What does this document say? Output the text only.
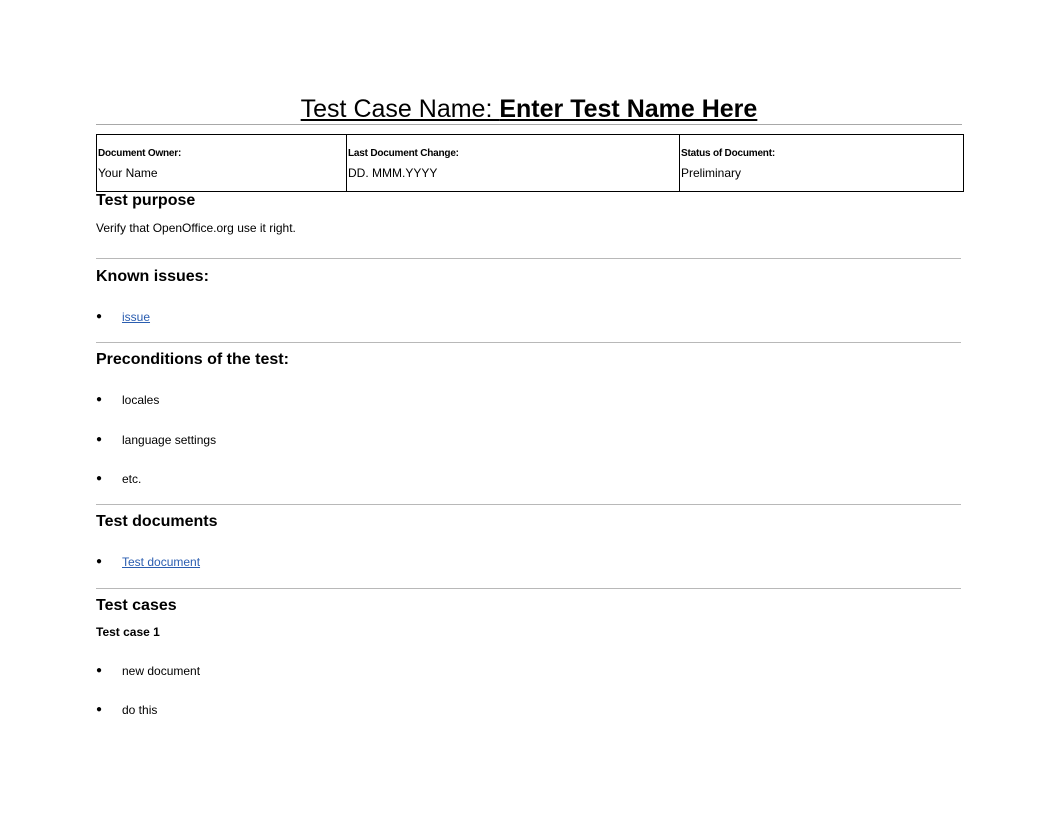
Test Case Name: Enter Test Name Here
Document Owner:
Your Name

Last Document Change:
DD. MMM.YYYY

Status of Document:
Preliminary
Test purpose
Verify that OpenOffice.org use it right.
Known issues:
● issue
Preconditions of the test:
● locales
● language settings
● etc.
Test documents
● Test document
Test cases
Test case 1
● new document
● do this
